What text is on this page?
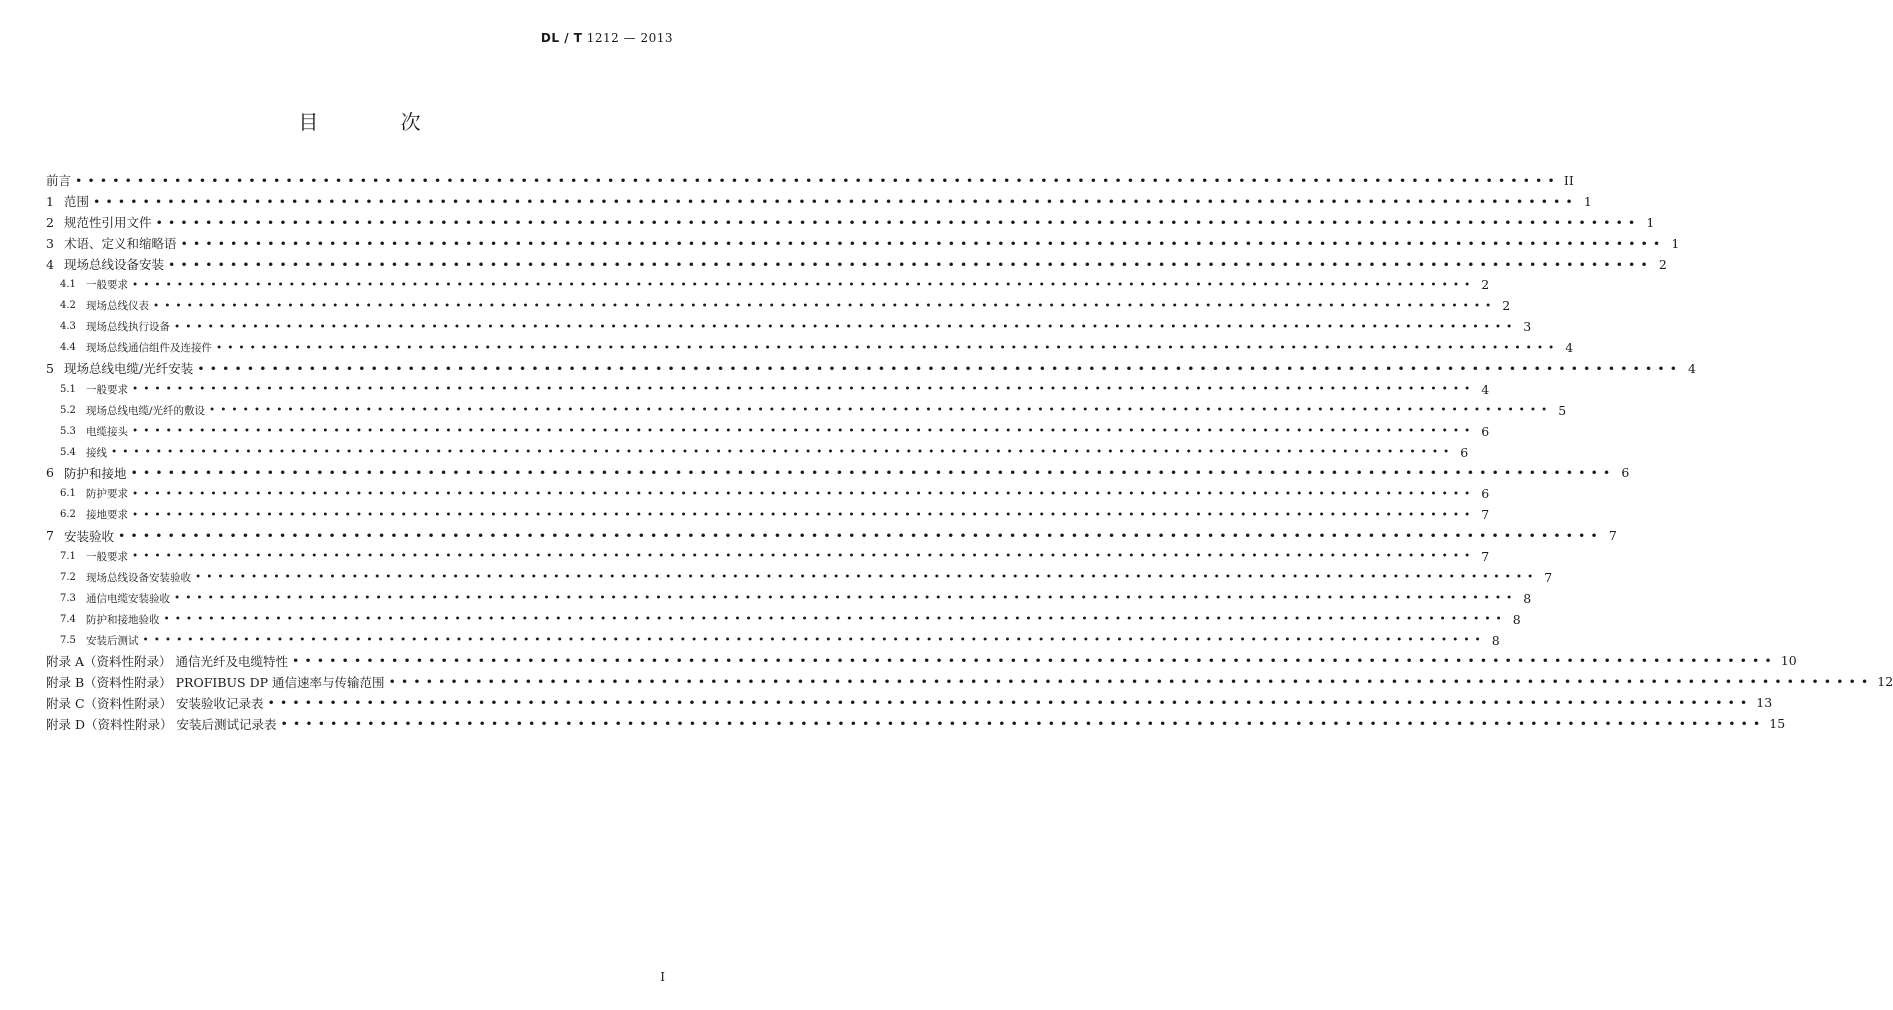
DL / T 1212 — 2013
目 次
前言 •••••••••••••••••••••••••••••••••••••••••••••••••••••••••••••••••••••••••••••••••••••••••••••••••••••••••••••••••••••••• II
1 范围 •••••••••••••••••••••••••••••••••••••••••••••••••••••••••••••••••••••••••••••••••••••••••••••••••••••••••••••••••••••••• 1
2 规范性引用文件 •••••••••••••••••••••••••••••••••••••••••••••••••••••••••••••••••••••••••••••••••••••••••••••••••••••••••••••••••••••••• 1
3 术语、定义和缩略语 •••••••••••••••••••••••••••••••••••••••••••••••••••••••••••••••••••••••••••••••••••••••••••••••••••••••••••••••••••••••• 1
4 现场总线设备安装 •••••••••••••••••••••••••••••••••••••••••••••••••••••••••••••••••••••••••••••••••••••••••••••••••••••••••••••••••••••••• 2
4.1 一般要求 •••••••••••••••••••••••••••••••••••••••••••••••••••••••••••••••••••••••••••••••••••••••••••••••••••••••••••••••••••••••• 2
4.2 现场总线仪表 •••••••••••••••••••••••••••••••••••••••••••••••••••••••••••••••••••••••••••••••••••••••••••••••••••••••••••••••••••••••• 2
4.3 现场总线执行设备 •••••••••••••••••••••••••••••••••••••••••••••••••••••••••••••••••••••••••••••••••••••••••••••••••••••••••••••••••••••••• 3
4.4 现场总线通信组件及连接件 •••••••••••••••••••••••••••••••••••••••••••••••••••••••••••••••••••••••••••••••••••••••••••••••••••••••••••••••••••••••• 4
5 现场总线电缆/光纤安装 •••••••••••••••••••••••••••••••••••••••••••••••••••••••••••••••••••••••••••••••••••••••••••••••••••••••••••••••••••••••• 4
5.1 一般要求 •••••••••••••••••••••••••••••••••••••••••••••••••••••••••••••••••••••••••••••••••••••••••••••••••••••••••••••••••••••••• 4
5.2 现场总线电缆/光纤的敷设 •••••••••••••••••••••••••••••••••••••••••••••••••••••••••••••••••••••••••••••••••••••••••••••••••••••••••••••••••••••••• 5
5.3 电缆接头 •••••••••••••••••••••••••••••••••••••••••••••••••••••••••••••••••••••••••••••••••••••••••••••••••••••••••••••••••••••••• 6
5.4 接线 •••••••••••••••••••••••••••••••••••••••••••••••••••••••••••••••••••••••••••••••••••••••••••••••••••••••••••••••••••••••• 6
6 防护和接地 •••••••••••••••••••••••••••••••••••••••••••••••••••••••••••••••••••••••••••••••••••••••••••••••••••••••••••••••••••••••• 6
6.1 防护要求 •••••••••••••••••••••••••••••••••••••••••••••••••••••••••••••••••••••••••••••••••••••••••••••••••••••••••••••••••••••••• 6
6.2 接地要求 •••••••••••••••••••••••••••••••••••••••••••••••••••••••••••••••••••••••••••••••••••••••••••••••••••••••••••••••••••••••• 7
7 安装验收 •••••••••••••••••••••••••••••••••••••••••••••••••••••••••••••••••••••••••••••••••••••••••••••••••••••••••••••••••••••••• 7
7.1 一般要求 •••••••••••••••••••••••••••••••••••••••••••••••••••••••••••••••••••••••••••••••••••••••••••••••••••••••••••••••••••••••• 7
7.2 现场总线设备安装验收 •••••••••••••••••••••••••••••••••••••••••••••••••••••••••••••••••••••••••••••••••••••••••••••••••••••••••••••••••••••••• 7
7.3 通信电缆安装验收 •••••••••••••••••••••••••••••••••••••••••••••••••••••••••••••••••••••••••••••••••••••••••••••••••••••••••••••••••••••••• 8
7.4 防护和接地验收 •••••••••••••••••••••••••••••••••••••••••••••••••••••••••••••••••••••••••••••••••••••••••••••••••••••••••••••••••••••••• 8
7.5 安装后测试 •••••••••••••••••••••••••••••••••••••••••••••••••••••••••••••••••••••••••••••••••••••••••••••••••••••••••••••••••••••••• 8
附录 A（资料性附录） 通信光纤及电缆特性 •••••••••••••••••••••••••••••••••••••••••••••••••••••••••••••••••••••••••••••••••••••••••••••••••••••••••••••••••••••••• 10
附录 B（资料性附录） PROFIBUS DP 通信速率与传输范围 •••••••••••••••••••••••••••••••••••••••••••••••••••••••••••••••••••••••••••••••••••••••••••••••••••••••••••••••••••••••• 12
附录 C（资料性附录） 安装验收记录表 •••••••••••••••••••••••••••••••••••••••••••••••••••••••••••••••••••••••••••••••••••••••••••••••••••••••••••••••••••••••• 13
附录 D（资料性附录） 安装后测试记录表 •••••••••••••••••••••••••••••••••••••••••••••••••••••••••••••••••••••••••••••••••••••••••••••••••••••••••••••••••••••••• 15
I
